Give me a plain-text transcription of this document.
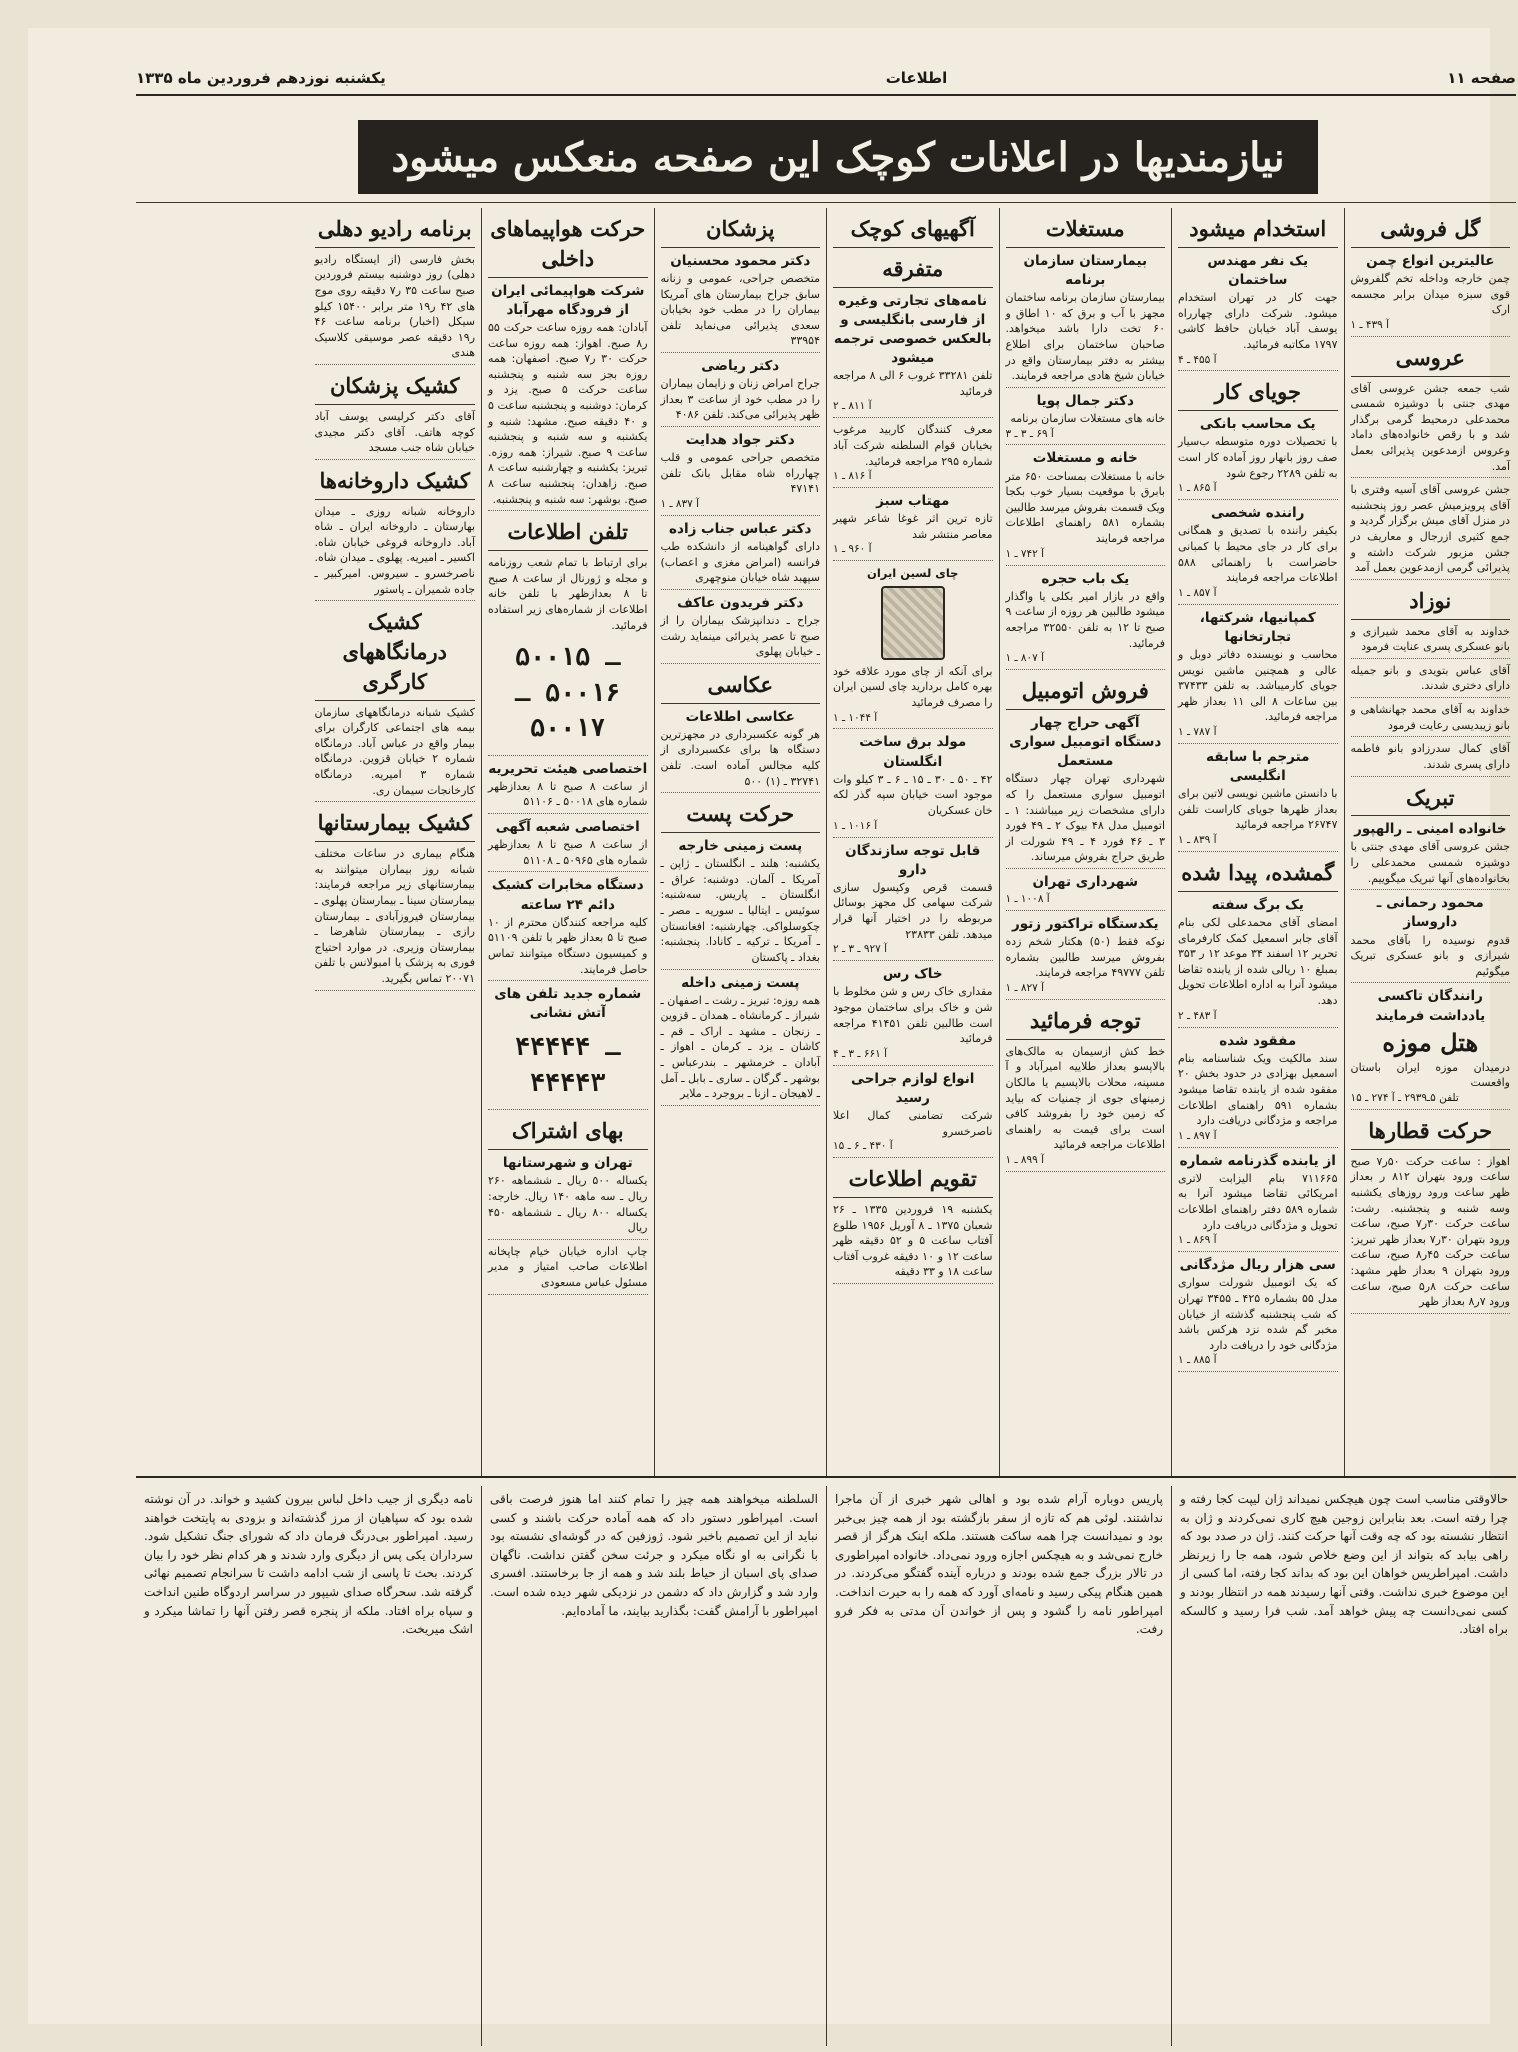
صفحه ۱۱
اطلاعات
یکشنبه نوزدهم فروردین ماه ۱۳۳۵
نیازمندیها در اعلانات کوچک این صفحه منعکس میشود
گل فروشی
عالیترین انواع چمن
چمن خارجه وداخله تخم گلفروش قوی سبزه میدان برابر مجسمه ارک
آ ۴۳۹ ـ ۱
عروسی
شب جمعه جشن عروسی آقای مهدی جنتی با دوشیزه شمسی محمدعلی درمحیط گرمی برگذار شد و با رقص خانواده‌های داماد وعروس ازمدعوین پذیرائی بعمل آمد.
جشن عروسی آقای آسیه وفتری با آقای پرویزمیش عصر روز پنجشنبه در منزل آقای میش برگزار گردید و جمع کثیری ازرجال و معاریف در جشن مزبور شرکت داشته و پذیرائی گرمی ازمدعوین بعمل آمد
نوزاد
خداوند به آقای محمد شیرازی و بانو عسکری پسری عنایت فرمود
آقای عباس بتویدی و بانو جمیله دارای دختری شدند.
خداوند به آقای محمد جهانشاهی و بانو زیبدیسی رعایت فرمود
آقای کمال سدرزادو بانو فاطمه دارای پسری شدند.
تبریک
خانواده امینی ـ رالهپور
جشن عروسی آقای مهدی جنتی با دوشیزه شمسی محمدعلی را بخانواده‌های آنها تبریک میگوییم.
محمود رحمانی ـ داروساز
قدوم نوسیده را بآقای محمد شیرازی و بانو عسکری تبریک میگوئیم
رانندگان تاکسی یادداشت فرمایند
هتل موزه
درمیدان موزه ایران باستان واقعست
تلفن ۵ـ۲۹۳۹ ـ آ ۲۷۴ ـ ۱۵
حرکت قطارها
اهواز : ساعت حرکت ۵۰ر۷ صبح ساعت ورود بتهران ۸۱۲ ر بعداز ظهر ساعت ورود روزهای یکشنبه وسه شنبه و پنجشنبه. رشت: ساعت حرکت ۳۰ر۷ صبح، ساعت ورود بتهران ۳۰ر۷ بعداز ظهر تبریز: ساعت حرکت ۴۵ر۸ صبح، ساعت ورود بتهران ۹ بعداز ظهر مشهد: ساعت حرکت ۸ر۵ صبح، ساعت ورود ۷ر۸ بعداز ظهر
استخدام میشود
یک نفر مهندس ساختمان
جهت کار در تهران استخدام میشود. شرکت دارای چهارراه یوسف آباد خیابان حافظ کاشی ۱۷۹۷ مکاتبه فرمائید.
آ ۴۵۵ ـ ۴
جویای کار
یک محاسب بانکی
با تحصیلات دوره متوسطه ب‌سیار صف روز بانهار روز آماده کار است به تلفن ۲۲۸۹ رجوع شود
آ ۸۶۵ ـ ۱
راننده شخصی
بکیفر راننده با تصدیق و همگانی برای کار در جای محیط با کمبانی حاضراست با راهنمائی ۵۸۸ اطلاعات مراجعه فرمایند
آ ۸۵۷ ـ ۱
کمپانیها، شرکتها، تجارتخانها
محاسب و نویسنده دفاتر دوبل و عالی و همچنین ماشین نویس جویای کارمیباشد. به تلفن ۳۷۴۳۳ بین ساعات ۸ الی ۱۱ بعداز ظهر مراجعه فرمائید.
آ ۷۸۷ ـ ۱
مترجم با سابقه انگلیسی
با دانستن ماشین نویسی لاتین برای بعداز ظهرها جویای کاراست تلفن ۲۶۷۴۷ مراجعه فرمائید
آ ۸۳۹ ـ ۱
گمشده، پیدا شده
یک برگ سفته
امضای آقای محمدعلی لکی بنام آقای جابر اسمعیل کمک کارفرمای تحریر ۱۲ اسفند ۳۴ موعد ۱۲ ر ۳۵۳ بمبلغ ۱۰ ریالی شده از یابنده تقاضا میشود آنرا به اداره اطلاعات تحویل دهد.
آ ۴۸۳ ـ ۲
مفقود شده
سند مالکیت ویک شناسنامه بنام اسمعیل بهزادی در حدود بخش ۲۰ مفقود شده از یابنده تقاضا میشود بشماره ۵۹۱ راهنمای اطلاعات مراجعه و مژدگانی دریافت دارد
آ ۸۹۷ ـ ۱
از یابنده گذرنامه شماره
۷۱۱۶۶۵ بنام الیزابت لاتری امریکائی تقاضا میشود آنرا به شماره ۵۸۹ دفتر راهنمای اطلاعات تحویل و مژدگانی دریافت دارد
آ ۸۶۹ ـ ۱
سی هزار ریال مژدگانی
که یک اتومبیل شورلت سواری مدل ۵۵ بشماره ۴۲۵ ـ ۳۴۵۵ تهران که شب پنجشنبه گذشته از خیابان مخبر گم شده نزد هرکس باشد مژدگانی خود را دریافت دارد
آ ۸۸۵ ـ ۱
مستغلات
بیمارستان سازمان برنامه
بیمارستان سازمان برنامه ساختمان مجهز با آب و برق که ۱۰ اطاق و ۶۰ تخت دارا باشد میخواهد. صاحبان ساختمان برای اطلاع بیشتر به دفتر بیمارستان واقع در خیابان شیخ هادی مراجعه فرمایند.
دکتر جمال پویا
خانه های مستغلات سازمان برنامه
آ ۶۹ ـ ۳ ـ ۳
خانه و مستغلات
خانه با مستغلات بمساحت ۶۵۰ متر بابرق با موقعیت بسیار خوب بکجا ویک قسمت بفروش میرسد طالبین بشماره ۵۸۱ راهنمای اطلاعات مراجعه فرمایند
آ ۷۴۲ ـ ۱
یک باب حجره
واقع در بازار امیر بکلی یا واگذار میشود طالبین هر روزه از ساعت ۹ صبح تا ۱۲ به تلفن ۳۲۵۵۰ مراجعه فرمائید.
آ ۸۰۷ ـ ۱
فروش اتومبیل
آگهی حراج چهار دستگاه اتومبیل سواری مستعمل
شهرداری تهران چهار دستگاه اتومبیل سواری مستعمل را که دارای مشخصات زیر میباشند: ۱ ـ اتومبیل مدل ۴۸ بیوک ۲ ـ ۴۹ فورد ۳ ـ ۴۶ فورد ۴ ـ ۴۹ شورلت از طریق حراج بفروش میرساند.
شهرداری تهران
آ ۱۰۰۸ ـ ۱
یکدستگاه تراکتور زتور
نوکه فقط (۵۰) هکتار شخم زده بفروش میرسد طالبین بشماره تلفن ۴۹۷۷۷ مراجعه فرمایند.
آ ۸۲۷ ـ ۱
توجه فرمائید
خط کش ازسیمان به مالک‌های بالاپسو بعداز طلاییه امیرآباد و آ مسپنه، محلات بالاپسیم یا مالکان زمینهای جوی از چمنیات که بیاید که زمین خود را بفروشد کافی است برای قیمت به راهنمای اطلاعات مراجعه فرمائید
آ ۸۹۹ ـ ۱
آگهیهای کوچک
متفرقه
نامه‌های تجارتی وغیره از فارسی بانگلیسی و بالعکس خصوصی ترجمه میشود
تلفن ۳۳۲۸۱ غروب ۶ الی ۸ مراجعه فرمائید
آ ۸۱۱ ـ ۲
معرف کنندگان کاربید مرغوب بخیابان قوام السلطنه شرکت آباد شماره ۲۹۵ مراجعه فرمائید.
آ ۸۱۶ ـ ۱
مهتاب سبز
تازه ترین اثر غوغا شاعر شهیر معاصر منتشر شد
آ ۹۶۰ ـ ۱
چای لسین ایران
برای آنکه از چای مورد علاقه خود بهره کامل بردارید چای لسین ایران را مصرف فرمائید
آ ۱۰۴۴ ـ ۱
مولد برق ساخت انگلستان
۴۲ ـ ۵۰ ـ ۳۰ ـ ۱۵ ـ ۶ ـ ۳ کیلو وات موجود است خیابان سپه گذر لکه خان عسکریان
آ ۱۰۱۶ ـ ۱
قابل توجه سازندگان دارو
قسمت قرص وکپسول سازی شرکت سهامی کل مجهز بوسائل مربوطه را در اختیار آنها قرار میدهد. تلفن ۲۳۸۳۳
آ ۹۲۷ ـ ۳ ـ ۲
خاک رس
مقداری خاک رس و شن مخلوط با شن و خاک برای ساختمان موجود است طالبین تلفن ۴۱۴۵۱ مراجعه فرمائید
آ ۶۶۱ ـ ۳ ـ ۴
انواع لوازم جراحی رسید
شرکت تضامنی کمال اعلا ناصرخسرو
آ ۴۳۰ ـ ۶ ـ ۱۵
تقویم اطلاعات
یکشنبه ۱۹ فروردین ۱۳۳۵ ـ ۲۶ شعبان ۱۳۷۵ ـ ۸ آوریل ۱۹۵۶ طلوع آفتاب ساعت ۵ و ۵۲ دقیقه ظهر ساعت ۱۲ و ۱۰ دقیقه غروب آفتاب ساعت ۱۸ و ۳۳ دقیقه
پزشکان
دکتر محمود محسنیان
متخصص جراحی، عمومی و زنانه سابق جراح بیمارستان های آمریکا بیماران را در مطب خود بخیابان سعدی پذیرائی می‌نماید تلفن ۳۳۹۵۴
دکتر ریاضی
جراح امراض زنان و زایمان بیماران را در مطب خود از ساعت ۳ بعداز ظهر پذیرائی می‌کند. تلفن ۴۰۸۶
دکتر جواد هدایت
متخصص جراحی عمومی و قلب چهارراه شاه مقابل بانک تلفن ۴۷۱۴۱
آ ۸۳۷ ـ ۱
دکتر عباس جناب زاده
دارای گواهینامه از دانشکده طب فرانسه (امراض مغزی و اعصاب) سپهبد شاه خیابان منوچهری
دکتر فریدون عاکف
جراح ـ دندانپزشک بیماران را از صبح تا عصر پذیرائی مینماید رشت ـ خیابان پهلوی
عکاسی
عکاسی اطلاعات
هر گونه عکسبرداری در مجهزترین دستگاه ها برای عکسبرداری از کلیه مجالس آماده است. تلفن ۳۲۷۴۱ ـ (۱) ۵۰۰
حرکت پست
پست زمینی خارجه
یکشنبه: هلند ـ انگلستان ـ ژاپن ـ آمریکا ـ آلمان. دوشنبه: عراق ـ انگلستان ـ پاریس. سه‌شنبه: سوئیس ـ ایتالیا ـ سوریه ـ مصر ـ چکوسلواکی. چهارشنبه: افغانستان ـ آمریکا ـ ترکیه ـ کانادا. پنجشنبه: بغداد ـ پاکستان
پست زمینی داخله
همه روزه: تبریز ـ رشت ـ اصفهان ـ شیراز ـ کرمانشاه ـ همدان ـ قزوین ـ زنجان ـ مشهد ـ اراک ـ قم ـ کاشان ـ یزد ـ کرمان ـ اهواز ـ آبادان ـ خرمشهر ـ بندرعباس ـ بوشهر ـ گرگان ـ ساری ـ بابل ـ آمل ـ لاهیجان ـ ازنا ـ بروجرد ـ ملایر
حرکت هواپیماهای داخلی
شرکت هواپیمائی ایران از فرودگاه مهرآباد
آبادان: همه روزه ساعت حرکت ۵۵ ر۸ صبح. اهواز: همه روزه ساعت حرکت ۳۰ ر۷ صبح. اصفهان: همه روزه بجز سه شنبه و پنجشنبه ساعت حرکت ۵ صبح. یزد و کرمان: دوشنبه و پنجشنبه ساعت ۵ و ۴۰ دقیقه صبح. مشهد: شنبه و یکشنبه و سه شنبه و پنجشنبه ساعت ۹ صبح. شیراز: همه روزه. تبریز: یکشنبه و چهارشنبه ساعت ۸ صبح. زاهدان: پنجشنبه ساعت ۸ صبح. بوشهر: سه شنبه و پنجشنبه.
تلفن اطلاعات
برای ارتباط با تمام شعب روزنامه و مجله و ژورنال از ساعت ۸ صبح تا ۸ بعدازظهر با تلفن خانه اطلاعات از شماره‌های زیر استفاده فرمائید.
۵۰۰۱۵ ـ ۵۰۰۱۶ ـ ۵۰۰۱۷
اختصاصی هیئت تحریریه
از ساعت ۸ صبح تا ۸ بعدازظهر شماره های ۵۰۰۱۸ ـ ۵۱۱۰۶
اختصاصی شعبه آگهی
از ساعت ۸ صبح تا ۸ بعدازظهر شماره های ۵۰۹۶۵ ـ ۵۱۱۰۸
دستگاه مخابرات کشیک دائم ۲۴ ساعته
کلیه مراجعه کنندگان محترم از ۱۰ صبح تا ۵ بعداز ظهر با تلفن ۵۱۱۰۹ و کمیسیون دستگاه میتوانند تماس حاصل فرمایند.
شماره جدید تلفن های آتش نشانی
۴۴۴۴۴ ـ ۴۴۴۴۳
بهای اشتراک
تهران و شهرستانها
یکساله ۵۰۰ ریال ـ ششماهه ۲۶۰ ریال ـ سه ماهه ۱۴۰ ریال. خارجه: یکساله ۸۰۰ ریال ـ ششماهه ۴۵۰ ریال
چاپ اداره خیابان خیام چاپخانه اطلاعات صاحب امتیاز و مدیر مسئول عباس مسعودی
برنامه رادیو دهلی
بخش فارسی (از ایستگاه رادیو دهلی) روز دوشنبه بیستم فروردین صبح ساعت ۳۵ ر۷ دقیقه روی موج های ۴۲ ر۱۹ متر برابر ۱۵۴۰۰ کیلو سیکل (اخبار) برنامه ساعت ۴۶ ر۱۹ دقیقه عصر موسیقی کلاسیک هندی
کشیک پزشکان
آقای دکتر کرلیسی یوسف آباد کوچه هاتف. آقای دکتر مجیدی خیابان شاه جنب مسجد
کشیک داروخانه‌ها
داروخانه شبانه روزی ـ میدان بهارستان ـ داروخانه ایران ـ شاه آباد. داروخانه فروغی خیابان شاه. اکسیر ـ امیریه. پهلوی ـ میدان شاه. ناصرخسرو ـ سیروس. امیرکبیر ـ جاده شمیران ـ پاستور
کشیک درمانگاههای کارگری
کشیک شبانه درمانگاههای سازمان بیمه های اجتماعی کارگران برای بیمار واقع در عباس آباد. درمانگاه شماره ۲ خیابان قزوین. درمانگاه شماره ۳ امیریه. درمانگاه کارخانجات سیمان ری.
کشیک بیمارستانها
هنگام بیماری در ساعات مختلف شبانه روز بیماران میتوانند به بیمارستانهای زیر مراجعه فرمایند: بیمارستان سینا ـ بیمارستان پهلوی ـ بیمارستان فیروزآبادی ـ بیمارستان رازی ـ بیمارستان شاهرضا ـ بیمارستان وزیری. در موارد احتیاج فوری به پزشک یا امبولانس با تلفن ۲۰۰۷۱ تماس بگیرید.

حالاوقتی مناسب است چون هیچکس نمیداند ژان لیپت کجا رفته و چرا رفته است. بعد بنابراین زوجین هیچ کاری نمی‌کردند و ژان به انتظار نشسته بود که چه وقت آنها حرکت کنند. ژان در صدد بود که راهی بیابد که بتواند از این وضع خلاص شود، همه جا را زیرنظر داشت. امپراطریس خواهان این بود که بداند کجا رفته، اما کسی از این موضوع خبری نداشت. وقتی آنها رسیدند همه در انتظار بودند و کسی نمی‌دانست چه پیش خواهد آمد. شب فرا رسید و کالسکه براه افتاد.

پاریس دوباره آرام شده بود و اهالی شهر خبری از آن ماجرا نداشتند. لوئی هم که تازه از سفر بازگشته بود از همه چیز بی‌خبر بود و نمیدانست چرا همه ساکت هستند. ملکه اینک هرگز از قصر خارج نمی‌شد و به هیچکس اجازه ورود نمی‌داد. خانواده امپراطوری در تالار بزرگ جمع شده بودند و درباره آینده گفتگو می‌کردند. در همین هنگام پیکی رسید و نامه‌ای آورد که همه را به حیرت انداخت. امپراطور نامه را گشود و پس از خواندن آن مدتی به فکر فرو رفت.

السلطنه میخواهند همه چیز را تمام کنند اما هنوز فرصت باقی است. امپراطور دستور داد که همه آماده حرکت باشند و کسی نباید از این تصمیم باخبر شود. ژوزفین که در گوشه‌ای نشسته بود با نگرانی به او نگاه میکرد و جرئت سخن گفتن نداشت. ناگهان صدای پای اسبان از حیاط بلند شد و همه از جا برخاستند. افسری وارد شد و گزارش داد که دشمن در نزدیکی شهر دیده شده است. امپراطور با آرامش گفت: بگذارید بیایند، ما آماده‌ایم.

نامه دیگری از جیب داخل لباس بیرون کشید و خواند. در آن نوشته شده بود که سپاهیان از مرز گذشته‌اند و بزودی به پایتخت خواهند رسید. امپراطور بی‌درنگ فرمان داد که شورای جنگ تشکیل شود. سرداران یکی پس از دیگری وارد شدند و هر کدام نظر خود را بیان کردند. بحث تا پاسی از شب ادامه داشت تا سرانجام تصمیم نهائی گرفته شد. سحرگاه صدای شیپور در سراسر اردوگاه طنین انداخت و سپاه براه افتاد. ملکه از پنجره قصر رفتن آنها را تماشا میکرد و اشک میریخت.
